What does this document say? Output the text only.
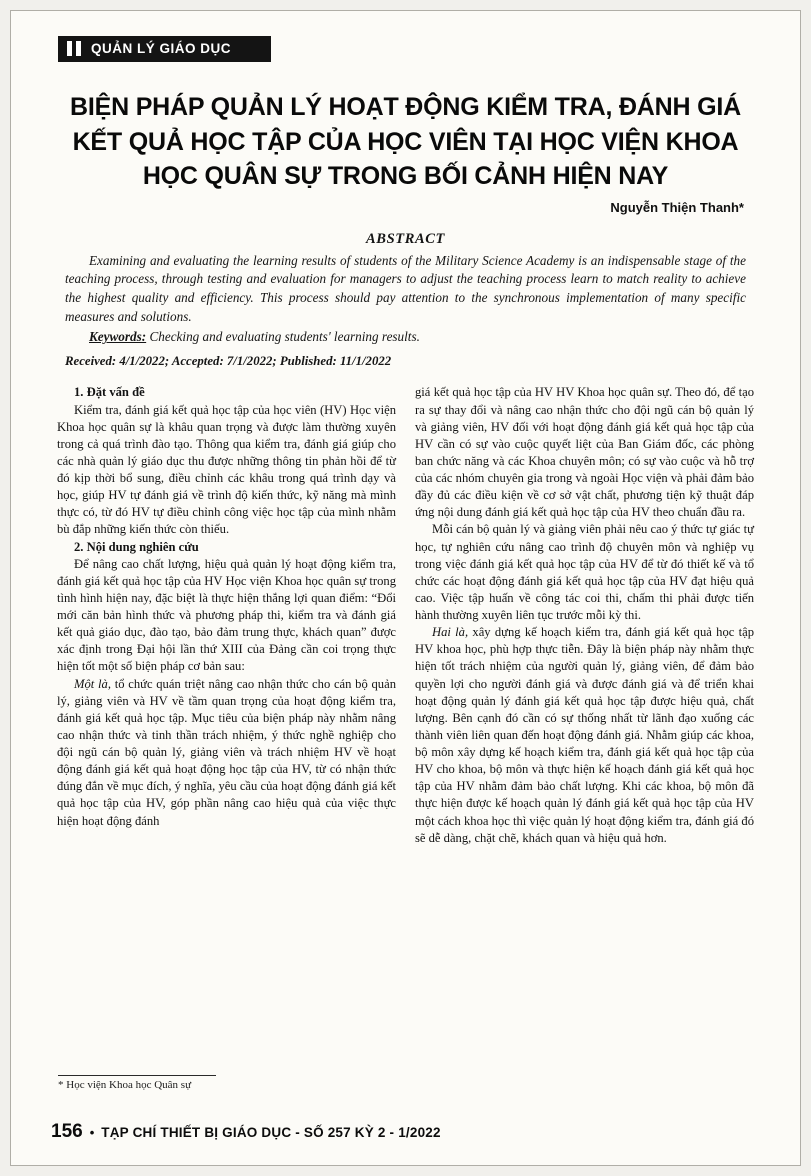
QUẢN LÝ GIÁO DỤC
BIỆN PHÁP QUẢN LÝ HOẠT ĐỘNG KIỂM TRA, ĐÁNH GIÁ KẾT QUẢ HỌC TẬP CỦA HỌC VIÊN TẠI HỌC VIỆN KHOA HỌC QUÂN SỰ TRONG BỐI CẢNH HIỆN NAY
Nguyễn Thiện Thanh*
ABSTRACT

Examining and evaluating the learning results of students of the Military Science Academy is an indispensable stage of the teaching process, through testing and evaluation for managers to adjust the teaching process learn to match reality to achieve the highest quality and efficiency. This process should pay attention to the synchronous implementation of many specific measures and solutions.

Keywords: Checking and evaluating students' learning results.

Received: 4/1/2022; Accepted: 7/1/2022; Published: 11/1/2022

1. Đặt vấn đề

Kiểm tra, đánh giá kết quả học tập của học viên (HV) Học viện Khoa học quân sự là khâu quan trọng và được làm thường xuyên trong cả quá trình đào tạo. Thông qua kiểm tra, đánh giá giúp cho các nhà quản lý giáo dục thu được những thông tin phản hồi để từ đó kịp thời bổ sung, điều chỉnh các khâu trong quá trình dạy và học, giúp HV tự đánh giá về trình độ kiến thức, kỹ năng mà mình thực có, từ đó HV tự điều chỉnh công việc học tập của mình nhằm bù đắp những kiến thức còn thiếu.

2. Nội dung nghiên cứu

Để nâng cao chất lượng, hiệu quả quản lý hoạt động kiểm tra, đánh giá kết quả học tập của HV Học viện Khoa học quân sự trong tình hình hiện nay, đặc biệt là thực hiện thắng lợi quan điểm: “Đổi mới căn bản hình thức và phương pháp thi, kiểm tra và đánh giá kết quả giáo dục, đào tạo, bảo đảm trung thực, khách quan” được xác định trong Đại hội lần thứ XIII của Đảng cần coi trọng thực hiện tốt một số biện pháp cơ bản sau:

Một là, tổ chức quán triệt nâng cao nhận thức cho cán bộ quản lý, giảng viên và HV về tầm quan trọng của hoạt động kiểm tra, đánh giá kết quả học tập. Mục tiêu của biện pháp này nhằm nâng cao nhận thức và tinh thần trách nhiệm, ý thức nghề nghiệp cho đội ngũ cán bộ quản lý, giảng viên và trách nhiệm HV về hoạt động đánh giá kết quả hoạt động học tập của HV, từ có nhận thức đúng đắn về mục đích, ý nghĩa, yêu cầu của hoạt động đánh giá kết quả học tập của HV, góp phần nâng cao hiệu quả của việc thực hiện hoạt động đánh

giá kết quả học tập của HV HV Khoa học quân sự. Theo đó, để tạo ra sự thay đổi và nâng cao nhận thức cho đội ngũ cán bộ quản lý và giảng viên, HV đối với hoạt động đánh giá kết quả học tập của HV cần có sự vào cuộc quyết liệt của Ban Giám đốc, các phòng ban chức năng và các Khoa chuyên môn; có sự vào cuộc và hỗ trợ của các nhóm chuyên gia trong và ngoài Học viện và phải đảm bảo đầy đủ các điều kiện về cơ sở vật chất, phương tiện kỹ thuật đáp ứng nội dung đánh giá kết quả học tập của HV theo chuẩn đầu ra.

Mỗi cán bộ quản lý và giảng viên phải nêu cao ý thức tự giác tự học, tự nghiên cứu nâng cao trình độ chuyên môn và nghiệp vụ trong việc đánh giá kết quả học tập của HV để từ đó thiết kế và tổ chức các hoạt động đánh giá kết quả học tập của HV đạt hiệu quả cao. Việc tập huấn về công tác coi thi, chấm thi phải được tiến hành thường xuyên liên tục trước mỗi kỳ thi.

Hai là, xây dựng kế hoạch kiểm tra, đánh giá kết quả học tập HV khoa học, phù hợp thực tiễn. Đây là biện pháp này nhằm thực hiện tốt trách nhiệm của người quản lý, giảng viên, để đảm bảo quyền lợi cho người đánh giá và được đánh giá và để triển khai hoạt động quản lý đánh giá kết quả học tập được hiệu quả, chất lượng. Bên cạnh đó cần có sự thống nhất từ lãnh đạo xuống các thành viên liên quan đến hoạt động đánh giá. Nhằm giúp các khoa, bộ môn xây dựng kế hoạch kiểm tra, đánh giá kết quả học tập của HV cho khoa, bộ môn và thực hiện kế hoạch đánh giá kết quả học tập của HV nhằm đảm bảo chất lượng. Khi các khoa, bộ môn đã thực hiện được kế hoạch quản lý đánh giá kết quả học tập của HV một cách khoa học thì việc quản lý hoạt động kiểm tra, đánh giá đó sẽ dễ dàng, chặt chẽ, khách quan và hiệu quả hơn.

* Học viện Khoa học Quân sự
156 • TẠP CHÍ THIẾT BỊ GIÁO DỤC - SỐ 257 KỲ 2 - 1/2022
